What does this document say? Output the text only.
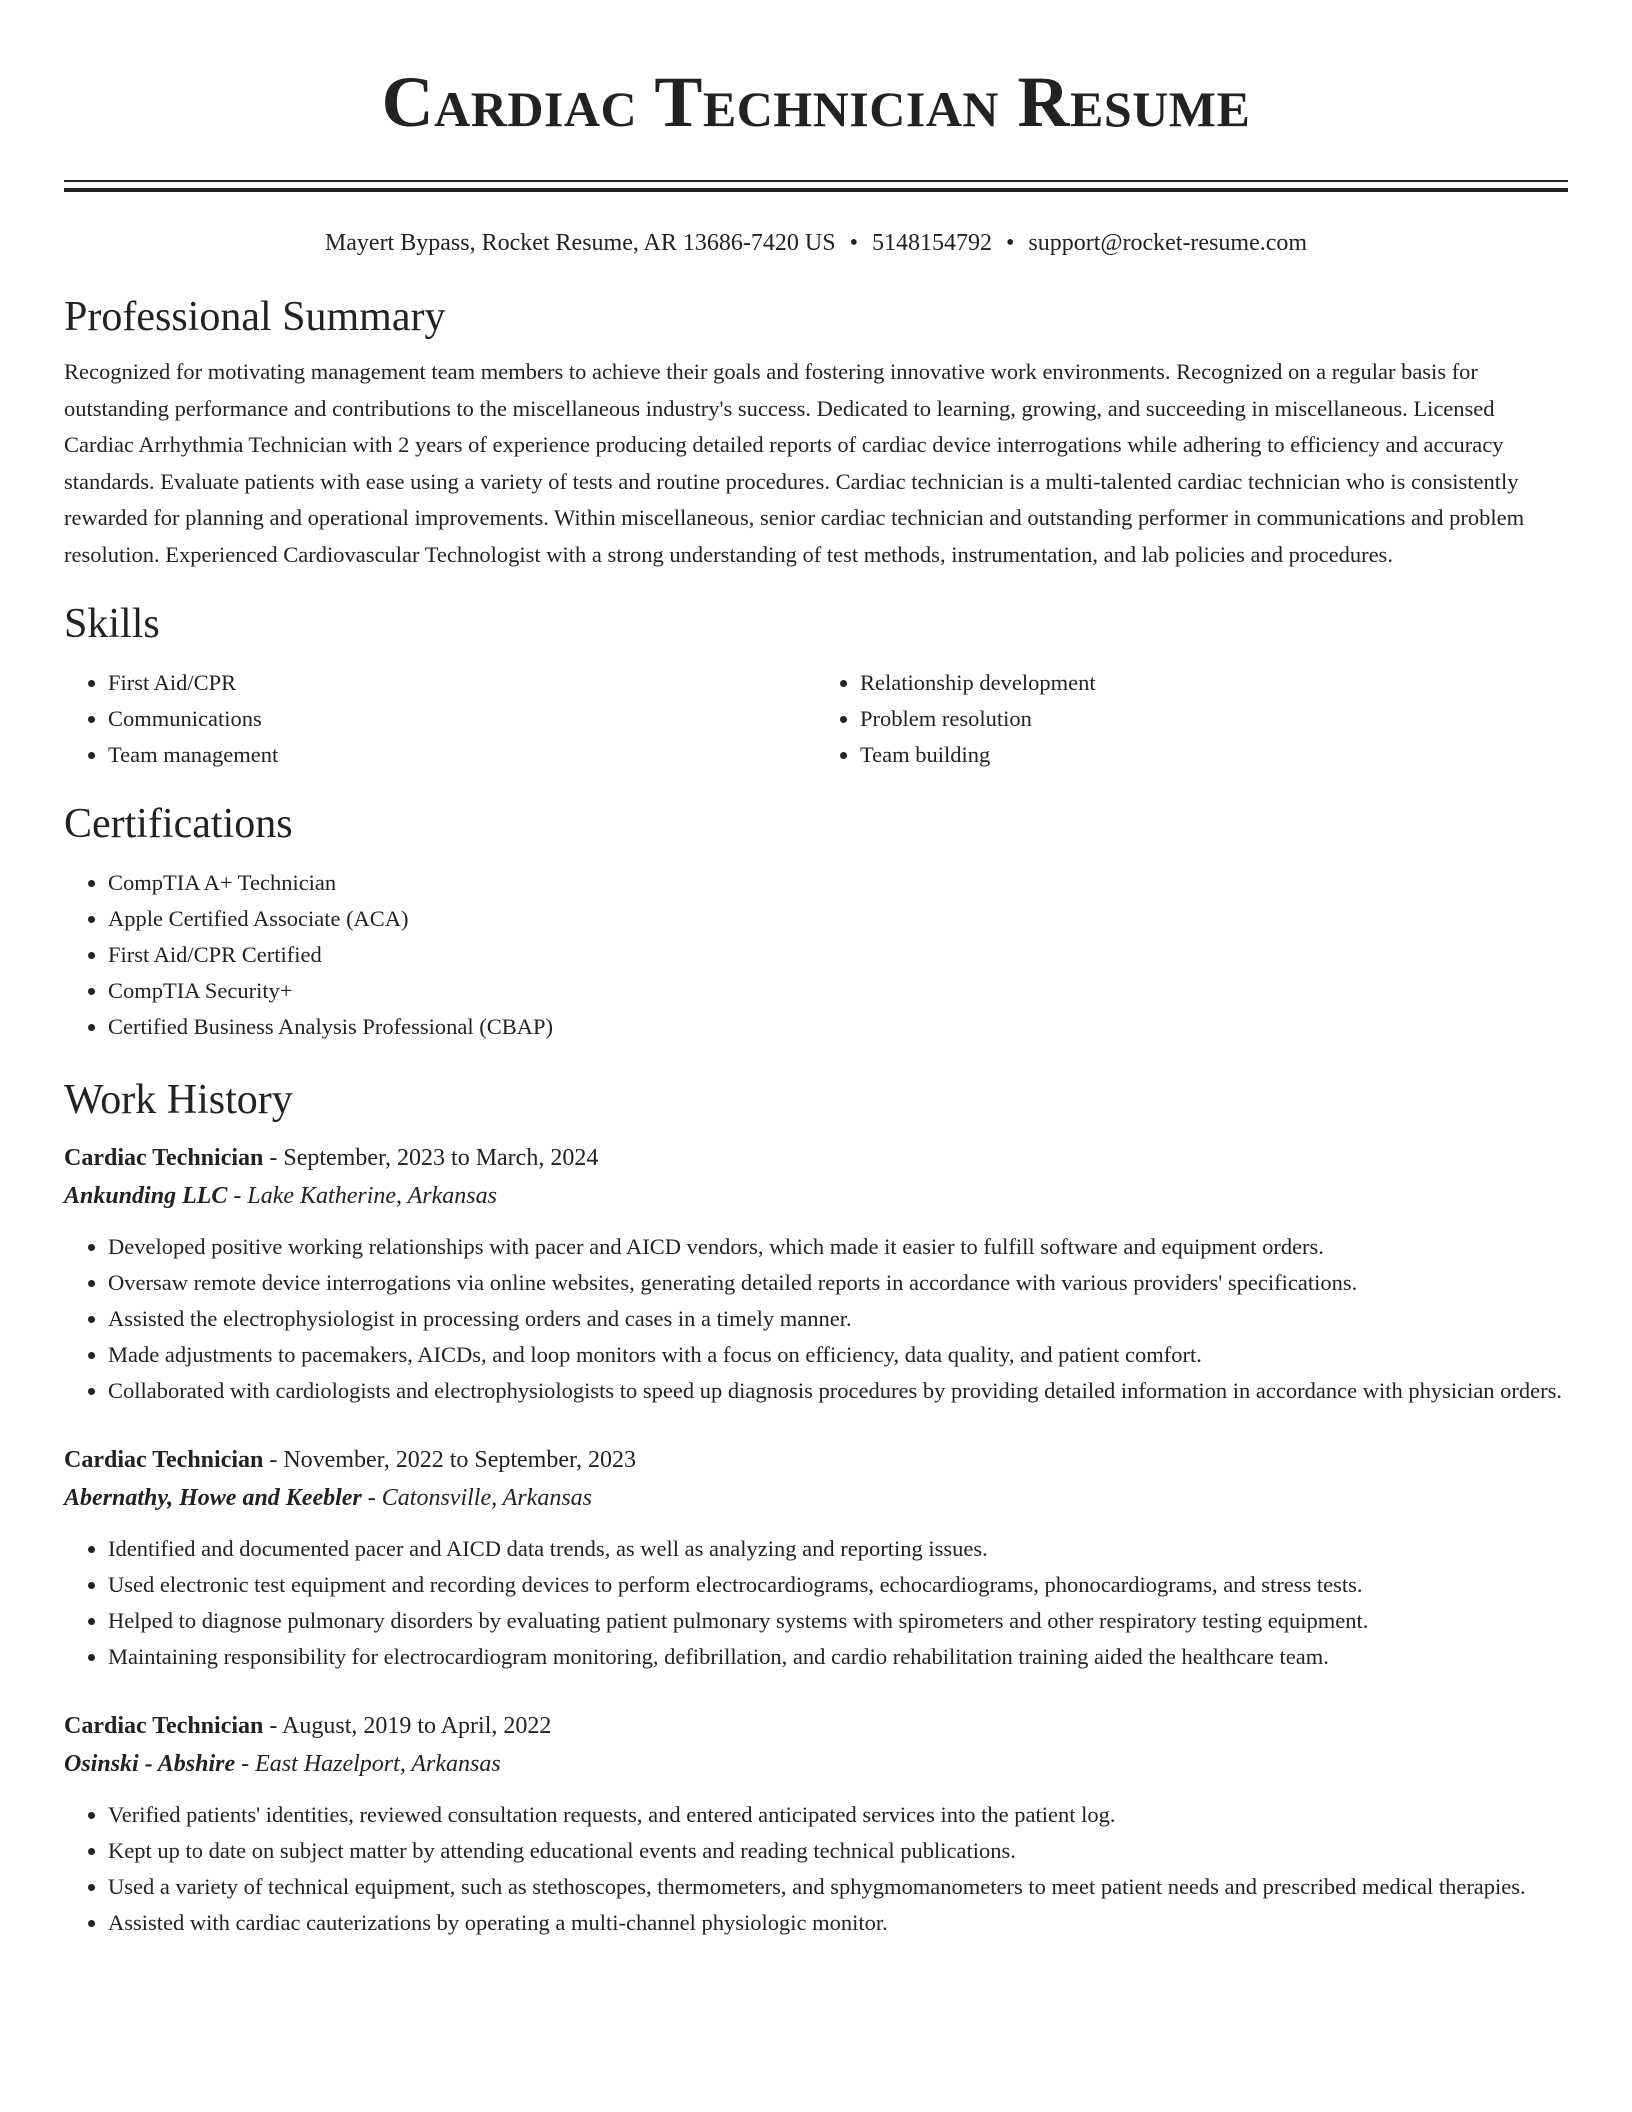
Cardiac Technician Resume
Mayert Bypass, Rocket Resume, AR 13686-7420 US • 5148154792 • support@rocket-resume.com
Professional Summary

Recognized for motivating management team members to achieve their goals and fostering innovative work environments. Recognized on a regular basis for outstanding performance and contributions to the miscellaneous industry's success. Dedicated to learning, growing, and succeeding in miscellaneous. Licensed Cardiac Arrhythmia Technician with 2 years of experience producing detailed reports of cardiac device interrogations while adhering to efficiency and accuracy standards. Evaluate patients with ease using a variety of tests and routine procedures. Cardiac technician is a multi-talented cardiac technician who is consistently rewarded for planning and operational improvements. Within miscellaneous, senior cardiac technician and outstanding performer in communications and problem resolution. Experienced Cardiovascular Technologist with a strong understanding of test methods, instrumentation, and lab policies and procedures.

Skills
• First Aid/CPR
• Communications
• Team management
• Relationship development
• Problem resolution
• Team building
Certifications
• CompTIA A+ Technician
• Apple Certified Associate (ACA)
• First Aid/CPR Certified
• CompTIA Security+
• Certified Business Analysis Professional (CBAP)
Work History
Cardiac Technician - September, 2023 to March, 2024
Ankunding LLC - Lake Katherine, Arkansas
• Developed positive working relationships with pacer and AICD vendors, which made it easier to fulfill software and equipment orders.
• Oversaw remote device interrogations via online websites, generating detailed reports in accordance with various providers' specifications.
• Assisted the electrophysiologist in processing orders and cases in a timely manner.
• Made adjustments to pacemakers, AICDs, and loop monitors with a focus on efficiency, data quality, and patient comfort.
• Collaborated with cardiologists and electrophysiologists to speed up diagnosis procedures by providing detailed information in accordance with physician orders.
Cardiac Technician - November, 2022 to September, 2023
Abernathy, Howe and Keebler - Catonsville, Arkansas
• Identified and documented pacer and AICD data trends, as well as analyzing and reporting issues.
• Used electronic test equipment and recording devices to perform electrocardiograms, echocardiograms, phonocardiograms, and stress tests.
• Helped to diagnose pulmonary disorders by evaluating patient pulmonary systems with spirometers and other respiratory testing equipment.
• Maintaining responsibility for electrocardiogram monitoring, defibrillation, and cardio rehabilitation training aided the healthcare team.
Cardiac Technician - August, 2019 to April, 2022
Osinski - Abshire - East Hazelport, Arkansas
• Verified patients' identities, reviewed consultation requests, and entered anticipated services into the patient log.
• Kept up to date on subject matter by attending educational events and reading technical publications.
• Used a variety of technical equipment, such as stethoscopes, thermometers, and sphygmomanometers to meet patient needs and prescribed medical therapies.
• Assisted with cardiac cauterizations by operating a multi-channel physiologic monitor.
